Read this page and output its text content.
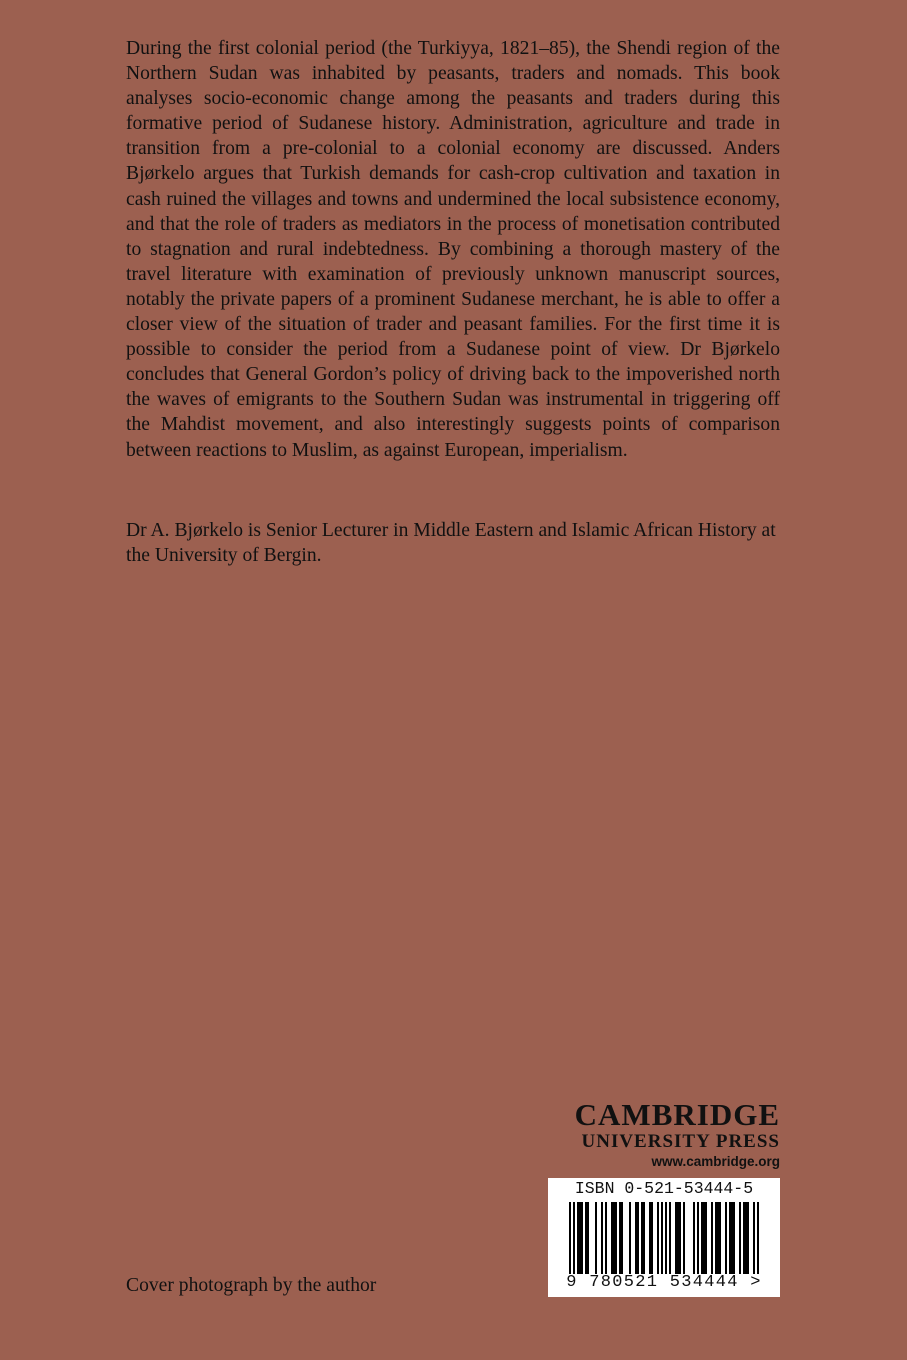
During the first colonial period (the Turkiyya, 1821–85), the Shendi region of the Northern Sudan was inhabited by peasants, traders and nomads. This book analyses socio-economic change among the peasants and traders during this formative period of Sudanese history. Administration, agriculture and trade in transition from a pre-colonial to a colonial economy are discussed. Anders Bjørkelo argues that Turkish demands for cash-crop cultivation and taxation in cash ruined the villages and towns and undermined the local subsistence economy, and that the role of traders as mediators in the process of monetisation contributed to stagnation and rural indebtedness. By combining a thorough mastery of the travel literature with examination of previously unknown manuscript sources, notably the private papers of a prominent Sudanese merchant, he is able to offer a closer view of the situation of trader and peasant families. For the first time it is possible to consider the period from a Sudanese point of view. Dr Bjørkelo concludes that General Gordon’s policy of driving back to the impoverished north the waves of emigrants to the Southern Sudan was instrumental in triggering off the Mahdist movement, and also interestingly suggests points of comparison between reactions to Muslim, as against European, imperialism.

Dr A. Bjørkelo is Senior Lecturer in Middle Eastern and Islamic African History at the University of Bergin.

CAMBRIDGE
UNIVERSITY PRESS
www.cambridge.org
ISBN 0-521-53444-5
9 780521 534444 >

Cover photograph by the author
